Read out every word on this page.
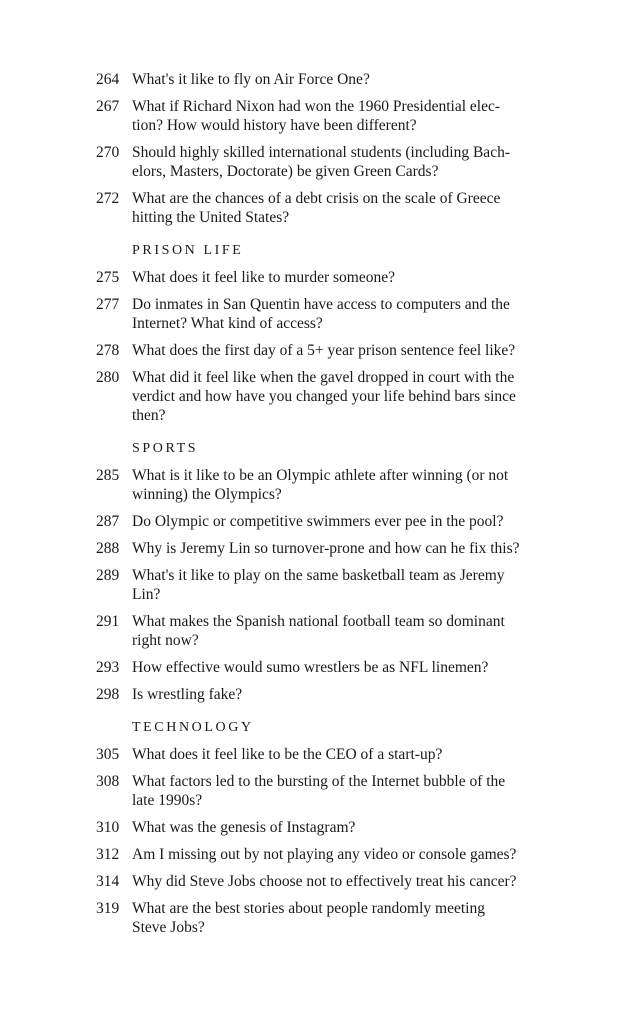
264 What's it like to fly on Air Force One?
267 What if Richard Nixon had won the 1960 Presidential elec-
tion? How would history have been different?
270 Should highly skilled international students (including Bach-
elors, Masters, Doctorate) be given Green Cards?
272 What are the chances of a debt crisis on the scale of Greece
hitting the United States?
PRISON LIFE
275 What does it feel like to murder someone?
277 Do inmates in San Quentin have access to computers and the
Internet? What kind of access?
278 What does the first day of a 5+ year prison sentence feel like?
280 What did it feel like when the gavel dropped in court with the
verdict and how have you changed your life behind bars since
then?
SPORTS
285 What is it like to be an Olympic athlete after winning (or not
winning) the Olympics?
287 Do Olympic or competitive swimmers ever pee in the pool?
288 Why is Jeremy Lin so turnover-prone and how can he fix this?
289 What's it like to play on the same basketball team as Jeremy
Lin?
291 What makes the Spanish national football team so dominant
right now?
293 How effective would sumo wrestlers be as NFL linemen?
298 Is wrestling fake?
TECHNOLOGY
305 What does it feel like to be the CEO of a start-up?
308 What factors led to the bursting of the Internet bubble of the
late 1990s?
310 What was the genesis of Instagram?
312 Am I missing out by not playing any video or console games?
314 Why did Steve Jobs choose not to effectively treat his cancer?
319 What are the best stories about people randomly meeting
Steve Jobs?
